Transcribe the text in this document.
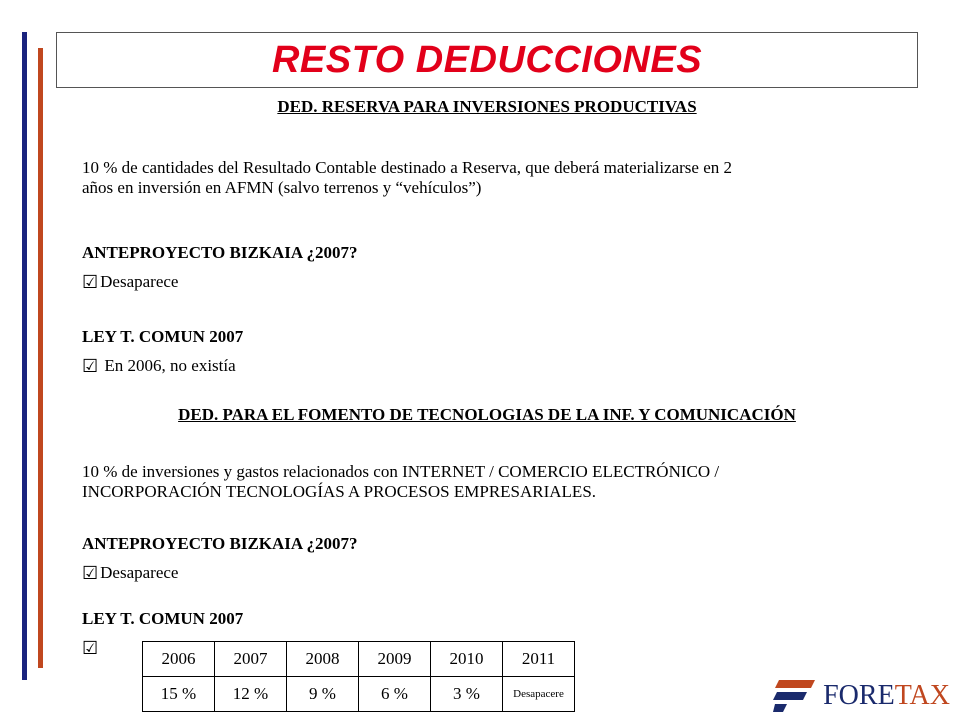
RESTO DEDUCCIONES
DED. RESERVA PARA INVERSIONES PRODUCTIVAS
10 % de cantidades del Resultado Contable destinado a Reserva, que deberá materializarse en 2
años en inversión en AFMN (salvo terrenos y “vehículos”)
ANTEPROYECTO BIZKAIA ¿2007?
☑ Desaparece
LEY T. COMUN 2007
☑ En 2006, no existía
DED. PARA EL FOMENTO DE TECNOLOGIAS DE LA INF. Y COMUNICACIÓN
10 % de inversiones y gastos relacionados con INTERNET / COMERCIO ELECTRÓNICO /
INCORPORACIÓN TECNOLOGÍAS A PROCESOS EMPRESARIALES.
ANTEPROYECTO BIZKAIA ¿2007?
☑ Desaparece
LEY T. COMUN 2007
☑
2006	2007	2008	2009	2010	2011
15 %	12 %	9 %	6 %	3 %	Desapacere	FORETAX
